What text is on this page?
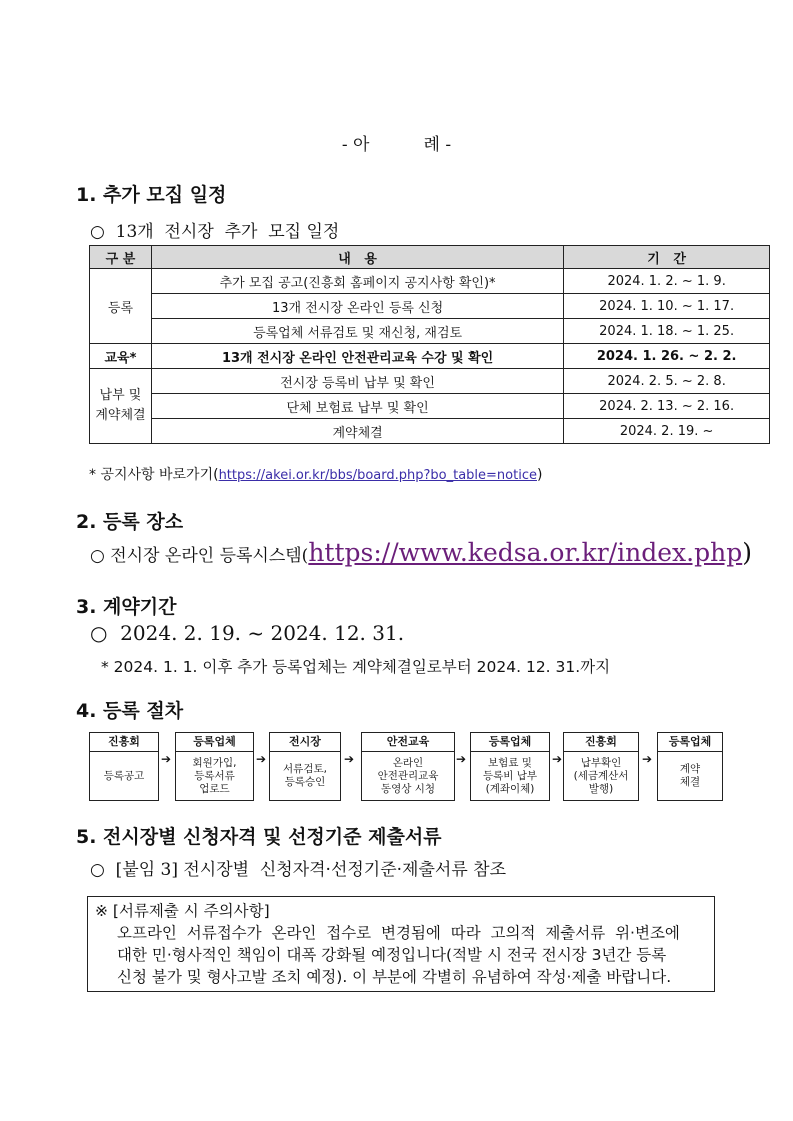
- 아          례 -
1. 추가 모집 일정
○  13개  전시장  추가  모집 일정
구 분	내   용	기   간
등록	추가 모집 공고(진흥회 홈페이지 공지사항 확인)*	2024. 1. 2. ~ 1. 9.
	13개 전시장 온라인 등록 신청	2024. 1. 10. ~ 1. 17.
	등록업체 서류검토 및 재신청, 재검토	2024. 1. 18. ~ 1. 25.
교육*	13개 전시장 온라인 안전관리교육 수강 및 확인	2024. 1. 26. ~ 2. 2.
납부 및
계약체결	전시장 등록비 납부 및 확인	2024. 2. 5. ~ 2. 8.
	단체 보험료 납부 및 확인	2024. 2. 13. ~ 2. 16.
	계약체결	2024. 2. 19. ~
* 공지사항 바로가기(https://akei.or.kr/bbs/board.php?bo_table=notice)
2. 등록 장소
○ 전시장 온라인 등록시스템(https://www.kedsa.or.kr/index.php)
3. 계약기간
○  2024. 2. 19. ~ 2024. 12. 31.
* 2024. 1. 1. 이후 추가 등록업체는 계약체결일로부터 2024. 12. 31.까지
4. 등록 절차
진흥회
등록공고
➔
등록업체
회원가입,
등록서류
업로드
➔
전시장
서류검토,
등록승인
➔
안전교육
온라인
안전관리교육
동영상 시청
➔
등록업체
보험료 및
등록비 납부
(계좌이체)
➔
진흥회
납부확인
(세금계산서
발행)
➔
등록업체
계약
체결
5. 전시장별 신청자격 및 선정기준 제출서류
○  [붙임 3] 전시장별  신청자격·선정기준·제출서류 참조
※ [서류제출 시 주의사항]
오프라인  서류접수가  온라인  접수로  변경됨에  따라  고의적  제출서류  위‧변조에
대한 민·형사적인 책임이 대폭 강화될 예정입니다(적발 시 전국 전시장 3년간 등록
신청 불가 및 형사고발 조치 예정). 이 부분에 각별히 유념하여 작성‧제출 바랍니다.
